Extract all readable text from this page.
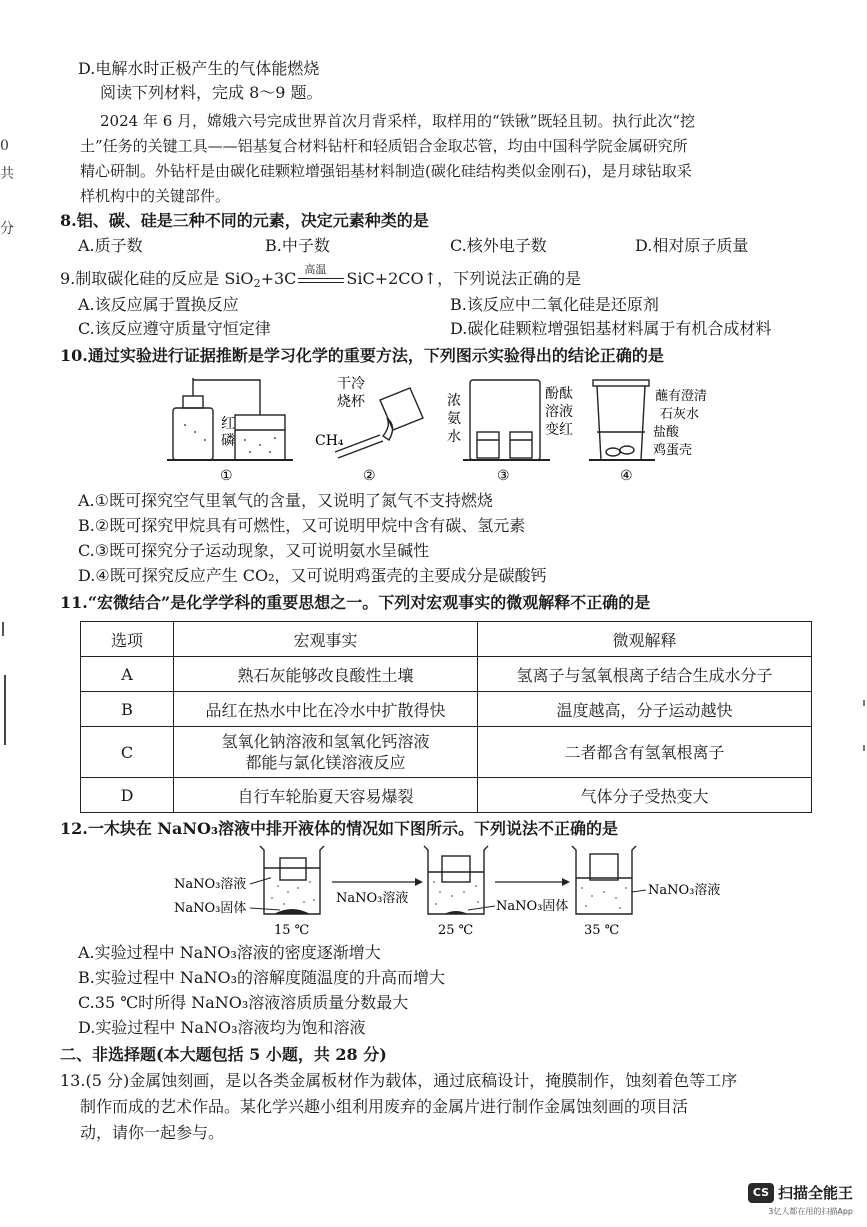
0
共
分
D.电解水时正极产生的气体能燃烧
阅读下列材料，完成 8～9 题。
2024 年 6 月，嫦娥六号完成世界首次月背采样，取样用的“铁锹”既轻且韧。执行此次“挖
土”任务的关键工具——铝基复合材料钻杆和轻质铝合金取芯管，均由中国科学院金属研究所
精心研制。外钻杆是由碳化硅颗粒增强铝基材料制造(碳化硅结构类似金刚石)，是月球钻取采
样机构中的关键部件。
8.铝、碳、硅是三种不同的元素，决定元素种类的是
A.质子数	B.中子数	C.核外电子数	D.相对原子质量
9.制取碳化硅的反应是 SiO$_2$+3C 高温 SiC+2CO↑，下列说法正确的是
A.该反应属于置换反应	B.该反应中二氧化硅是还原剂
C.该反应遵守质量守恒定律	D.碳化硅颗粒增强铝基材料属于有机合成材料
10.通过实验进行证据推断是学习化学的重要方法，下列图示实验得出的结论正确的是
红
磷
①
干冷
烧杯
CH₄
②
浓
氨
水
酚酞
溶液
变红
③
蘸有澄清
石灰水
盐酸
鸡蛋壳
④
A.①既可探究空气里氧气的含量，又说明了氮气不支持燃烧
B.②既可探究甲烷具有可燃性，又可说明甲烷中含有碳、氢元素
C.③既可探究分子运动现象，又可说明氨水呈碱性
D.④既可探究反应产生 CO₂，又可说明鸡蛋壳的主要成分是碳酸钙
11.“宏微结合”是化学学科的重要思想之一。下列对宏观事实的微观解释不正确的是
选项	宏观事实	微观解释
A	熟石灰能够改良酸性土壤	氢离子与氢氧根离子结合生成水分子
B	品红在热水中比在冷水中扩散得快	温度越高，分子运动越快
C	氢氧化钠溶液和氢氧化钙溶液
都能与氯化镁溶液反应	二者都含有氢氧根离子
D	自行车轮胎夏天容易爆裂	气体分子受热变大
12.一木块在 NaNO₃溶液中排开液体的情况如下图所示。下列说法不正确的是
NaNO₃溶液
NaNO₃固体
15 ℃
NaNO₃溶液
NaNO₃固体
25 ℃
NaNO₃溶液
35 ℃
A.实验过程中 NaNO₃溶液的密度逐渐增大
B.实验过程中 NaNO₃的溶解度随温度的升高而增大
C.35 ℃时所得 NaNO₃溶液溶质质量分数最大
D.实验过程中 NaNO₃溶液均为饱和溶液
二、非选择题(本大题包括 5 小题，共 28 分)
13.(5 分)金属蚀刻画，是以各类金属板材作为载体，通过底稿设计，掩膜制作，蚀刻着色等工序
制作而成的艺术作品。某化学兴趣小组利用废弃的金属片进行制作金属蚀刻画的项目活
动，请你一起参与。
CS 扫描全能王
3亿人都在用的扫描App
